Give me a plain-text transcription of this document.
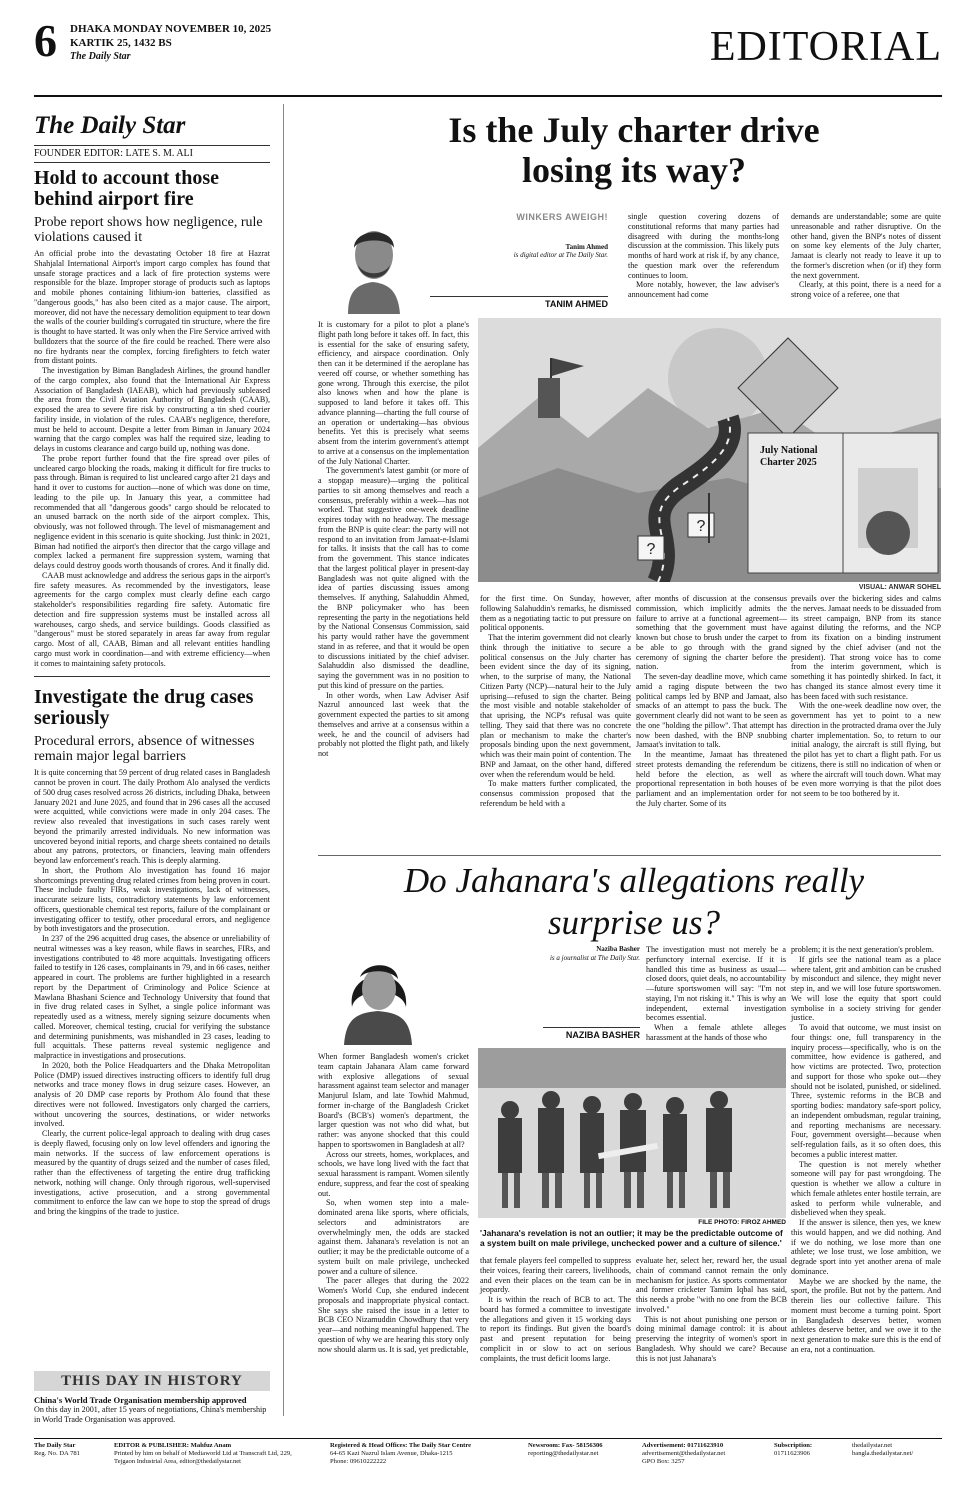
6 DHAKA MONDAY NOVEMBER 10, 2025
KARTIK 25, 1432 BS
The Daily Star	EDITORIAL
The Daily Star
FOUNDER EDITOR: LATE S. M. ALI
Hold to account those behind airport fire
Probe report shows how negligence, rule violations caused it

An official probe into the devastating October 18 fire at Hazrat Shahjalal International Airport's import cargo complex has found that unsafe storage practices and a lack of fire protection systems were responsible for the blaze. Improper storage of products such as laptops and mobile phones containing lithium-ion batteries, classified as "dangerous goods," has also been cited as a major cause. The airport, moreover, did not have the necessary demolition equipment to tear down the walls of the courier building's corrugated tin structure, where the fire is thought to have started. It was only when the Fire Service arrived with bulldozers that the source of the fire could be reached. There were also no fire hydrants near the complex, forcing firefighters to fetch water from distant points.

The investigation by Biman Bangladesh Airlines, the ground handler of the cargo complex, also found that the International Air Express Association of Bangladesh (IAEAB), which had previously subleased the area from the Civil Aviation Authority of Bangladesh (CAAB), exposed the area to severe fire risk by constructing a tin shed courier facility inside, in violation of the rules. CAAB's negligence, therefore, must be held to account. Despite a letter from Biman in January 2024 warning that the cargo complex was half the required size, leading to delays in customs clearance and cargo build up, nothing was done.

The probe report further found that the fire spread over piles of uncleared cargo blocking the roads, making it difficult for fire trucks to pass through. Biman is required to list uncleared cargo after 21 days and hand it over to customs for auction—none of which was done on time, leading to the pile up. In January this year, a committee had recommended that all "dangerous goods" cargo should be relocated to an unused barrack on the north side of the airport complex. This, obviously, was not followed through. The level of mismanagement and negligence evident in this scenario is quite shocking. Just think: in 2021, Biman had notified the airport's then director that the cargo village and complex lacked a permanent fire suppression system, warning that delays could destroy goods worth thousands of crores. And it finally did.

CAAB must acknowledge and address the serious gaps in the airport's fire safety measures. As recommended by the investigators, lease agreements for the cargo complex must clearly define each cargo stakeholder's responsibilities regarding fire safety. Automatic fire detection and fire suppression systems must be installed across all warehouses, cargo sheds, and service buildings. Goods classified as "dangerous" must be stored separately in areas far away from regular cargo. Most of all, CAAB, Biman and all relevant entities handling cargo must work in coordination—and with extreme efficiency—when it comes to maintaining safety protocols.

Investigate the drug cases seriously
Procedural errors, absence of witnesses remain major legal barriers

It is quite concerning that 59 percent of drug related cases in Bangladesh cannot be proven in court. The daily Prothom Alo analysed the verdicts of 500 drug cases resolved across 26 districts, including Dhaka, between January 2021 and June 2025, and found that in 296 cases all the accused were acquitted, while convictions were made in only 204 cases. The review also revealed that investigations in such cases rarely went beyond the primarily arrested individuals. No new information was uncovered beyond initial reports, and charge sheets contained no details about any patrons, protectors, or financiers, leaving main offenders beyond law enforcement's reach. This is deeply alarming.

In short, the Prothom Alo investigation has found 16 major shortcomings preventing drug related crimes from being proven in court. These include faulty FIRs, weak investigations, lack of witnesses, inaccurate seizure lists, contradictory statements by law enforcement officers, questionable chemical test reports, failure of the complainant or investigating officer to testify, other procedural errors, and negligence by both investigators and the prosecution.

In 237 of the 296 acquitted drug cases, the absence or unreliability of neutral witnesses was a key reason, while flaws in searches, FIRs, and investigations contributed to 48 more acquittals. Investigating officers failed to testify in 126 cases, complainants in 79, and in 66 cases, neither appeared in court. The problems are further highlighted in a research report by the Department of Criminology and Police Science at Mawlana Bhashani Science and Technology University that found that in five drug related cases in Sylhet, a single police informant was repeatedly used as a witness, merely signing seizure documents when called. Moreover, chemical testing, crucial for verifying the substance and determining punishments, was mishandled in 23 cases, leading to full acquittals. These patterns reveal systemic negligence and malpractice in investigations and prosecutions.

In 2020, both the Police Headquarters and the Dhaka Metropolitan Police (DMP) issued directives instructing officers to identify full drug networks and trace money flows in drug seizure cases. However, an analysis of 20 DMP case reports by Prothom Alo found that these directives were not followed. Investigators only charged the carriers, without uncovering the sources, destinations, or wider networks involved.

Clearly, the current police-legal approach to dealing with drug cases is deeply flawed, focusing only on low level offenders and ignoring the main networks. If the success of law enforcement operations is measured by the quantity of drugs seized and the number of cases filed, rather than the effectiveness of targeting the entire drug trafficking network, nothing will change. Only through rigorous, well-supervised investigations, active prosecution, and a strong governmental commitment to enforce the law can we hope to stop the spread of drugs and bring the kingpins of the trade to justice.

THIS DAY IN HISTORY
China's World Trade Organisation membership approved
On this day in 2001, after 15 years of negotiations, China's membership in World Trade Organisation was approved.
Is the July charter drive losing its way?
WINKERS AWEIGH!
Tanim Ahmed
is digital editor at The Daily Star.
TANIM AHMED

single question covering dozens of constitutional reforms that many parties had disagreed with during the months-long discussion at the commission. This likely puts months of hard work at risk if, by any chance, the question mark over the referendum continues to loom.

More notably, however, the law adviser's announcement had come

demands are understandable; some are quite unreasonable and rather disruptive. On the other hand, given the BNP's notes of dissent on some key elements of the July charter, Jamaat is clearly not ready to leave it up to the former's discretion when (or if) they form the next government.

Clearly, at this point, there is a need for a strong voice of a referee, one that

It is customary for a pilot to plot a plane's flight path long before it takes off. In fact, this is essential for the sake of ensuring safety, efficiency, and airspace coordination. Only then can it be determined if the aeroplane has veered off course, or whether something has gone wrong. Through this exercise, the pilot also knows when and how the plane is supposed to land before it takes off. This advance planning—charting the full course of an operation or undertaking—has obvious benefits. Yet this is precisely what seems absent from the interim government's attempt to arrive at a consensus on the implementation of the July National Charter.

The government's latest gambit (or more of a stopgap measure)—urging the political parties to sit among themselves and reach a consensus, preferably within a week—has not worked. That suggestive one-week deadline expires today with no headway. The message from the BNP is quite clear: the party will not respond to an invitation from Jamaat-e-Islami for talks. It insists that the call has to come from the government. This stance indicates that the largest political player in present-day Bangladesh was not quite aligned with the idea of parties discussing issues among themselves. If anything, Salahuddin Ahmed, the BNP policymaker who has been representing the party in the negotiations held by the National Consensus Commission, said his party would rather have the government stand in as referee, and that it would be open to discussions initiated by the chief adviser. Salahuddin also dismissed the deadline, saying the government was in no position to put this kind of pressure on the parties.

In other words, when Law Adviser Asif Nazrul announced last week that the government expected the parties to sit among themselves and arrive at a consensus within a week, he and the council of advisers had probably not plotted the flight path, and likely not

?
?
July National
Charter 2025
VISUAL: ANWAR SOHEL

for the first time. On Sunday, however, following Salahuddin's remarks, he dismissed them as a negotiating tactic to put pressure on political opponents.

That the interim government did not clearly think through the initiative to secure a political consensus on the July charter has been evident since the day of its signing, when, to the surprise of many, the National Citizen Party (NCP)—natural heir to the July uprising—refused to sign the charter. Being the most visible and notable stakeholder of that uprising, the NCP's refusal was quite telling. They said that there was no concrete plan or mechanism to make the charter's proposals binding upon the next government, which was their main point of contention. The BNP and Jamaat, on the other hand, differed over when the referendum would be held.

To make matters further complicated, the consensus commission proposed that the referendum be held with a

after months of discussion at the consensus commission, which implicitly admits the failure to arrive at a functional agreement—something that the government must have known but chose to brush under the carpet to be able to go through with the grand ceremony of signing the charter before the nation.

The seven-day deadline move, which came amid a raging dispute between the two political camps led by BNP and Jamaat, also smacks of an attempt to pass the buck. The government clearly did not want to be seen as the one "holding the pillow". That attempt has now been dashed, with the BNP snubbing Jamaat's invitation to talk.

In the meantime, Jamaat has threatened street protests demanding the referendum be held before the election, as well as proportional representation in both houses of parliament and an implementation order for the July charter. Some of its

prevails over the bickering sides and calms the nerves. Jamaat needs to be dissuaded from its street campaign, BNP from its stance against diluting the reforms, and the NCP from its fixation on a binding instrument signed by the chief adviser (and not the president). That strong voice has to come from the interim government, which is something it has pointedly shirked. In fact, it has changed its stance almost every time it has been faced with such resistance.

With the one-week deadline now over, the government has yet to point to a new direction in the protracted drama over the July charter implementation. So, to return to our initial analogy, the aircraft is still flying, but the pilot has yet to chart a flight path. For us citizens, there is still no indication of when or where the aircraft will touch down. What may be even more worrying is that the pilot does not seem to be too bothered by it.

Do Jahanara's allegations really surprise us?
Naziba Basher
is a journalist at The Daily Star.
NAZIBA BASHER

When former Bangladesh women's cricket team captain Jahanara Alam came forward with explosive allegations of sexual harassment against team selector and manager Manjurul Islam, and late Towhid Mahmud, former in-charge of the Bangladesh Cricket Board's (BCB's) women's department, the larger question was not who did what, but rather: was anyone shocked that this could happen to sportswomen in Bangladesh at all?

Across our streets, homes, workplaces, and schools, we have long lived with the fact that sexual harassment is rampant. Women silently endure, suppress, and fear the cost of speaking out.

So, when women step into a male-dominated arena like sports, where officials, selectors and administrators are overwhelmingly men, the odds are stacked against them. Jahanara's revelation is not an outlier; it may be the predictable outcome of a system built on male privilege, unchecked power and a culture of silence.

The pacer alleges that during the 2022 Women's World Cup, she endured indecent proposals and inappropriate physical contact. She says she raised the issue in a letter to BCB CEO Nizamuddin Chowdhury that very year—and nothing meaningful happened. The question of why we are hearing this story only now should alarm us. It is sad, yet predictable,

The investigation must not merely be a perfunctory internal exercise. If it is handled this time as business as usual—closed doors, quiet deals, no accountability—future sportswomen will say: "I'm not staying, I'm not risking it." This is why an independent, external investigation becomes essential.

When a female athlete alleges harassment at the hands of those who

FILE PHOTO: FIROZ AHMED
'Jahanara's revelation is not an outlier; it may be the predictable outcome of a system built on male privilege, unchecked power and a culture of silence.'

that female players feel compelled to suppress their voices, fearing their careers, livelihoods, and even their places on the team can be in jeopardy.

It is within the reach of BCB to act. The board has formed a committee to investigate the allegations and given it 15 working days to report its findings. But given the board's past and present reputation for being complicit in or slow to act on serious complaints, the trust deficit looms large.

evaluate her, select her, reward her, the usual chain of command cannot remain the only mechanism for justice. As sports commentator and former cricketer Tamim Iqbal has said, this needs a probe "with no one from the BCB involved."

This is not about punishing one person or doing minimal damage control: it is about preserving the integrity of women's sport in Bangladesh. Why should we care? Because this is not just Jahanara's

problem; it is the next generation's problem.

If girls see the national team as a place where talent, grit and ambition can be crushed by misconduct and silence, they might never step in, and we will lose future sportswomen. We will lose the equity that sport could symbolise in a society striving for gender justice.

To avoid that outcome, we must insist on four things: one, full transparency in the inquiry process—specifically, who is on the committee, how evidence is gathered, and how victims are protected. Two, protection and support for those who spoke out—they should not be isolated, punished, or sidelined. Three, systemic reforms in the BCB and sporting bodies: mandatory safe-sport policy, an independent ombudsman, regular training, and reporting mechanisms are necessary. Four, government oversight—because when self-regulation fails, as it so often does, this becomes a public interest matter.

The question is not merely whether someone will pay for past wrongdoing. The question is whether we allow a culture in which female athletes enter hostile terrain, are asked to perform while vulnerable, and disbelieved when they speak.

If the answer is silence, then yes, we knew this would happen, and we did nothing. And if we do nothing, we lose more than one athlete; we lose trust, we lose ambition, we degrade sport into yet another arena of male dominance.

Maybe we are shocked by the name, the sport, the profile. But not by the pattern. And therein lies our collective failure. This moment must become a turning point. Sport in Bangladesh deserves better, women athletes deserve better, and we owe it to the next generation to make sure this is the end of an era, not a continuation.

The Daily Star
Reg. No. DA 781
EDITOR & PUBLISHER: Mahfuz Anam
Printed by him on behalf of Mediaworld Ltd at Transcraft Ltd, 229, Tejgaon Industrial Area, editor@thedailystar.net
Registered & Head Offices: The Daily Star Centre
64-65 Kazi Nazrul Islam Avenue, Dhaka-1215
Phone: 09610222222
Newsroom: Fax- 58156306
reporting@thedailystar.net
Advertisement: 01711623910
advertisement@thedailystar.net
GPO Box: 3257
Subscription:
01711623906
thedailystar.net
bangla.thedailystar.net/
